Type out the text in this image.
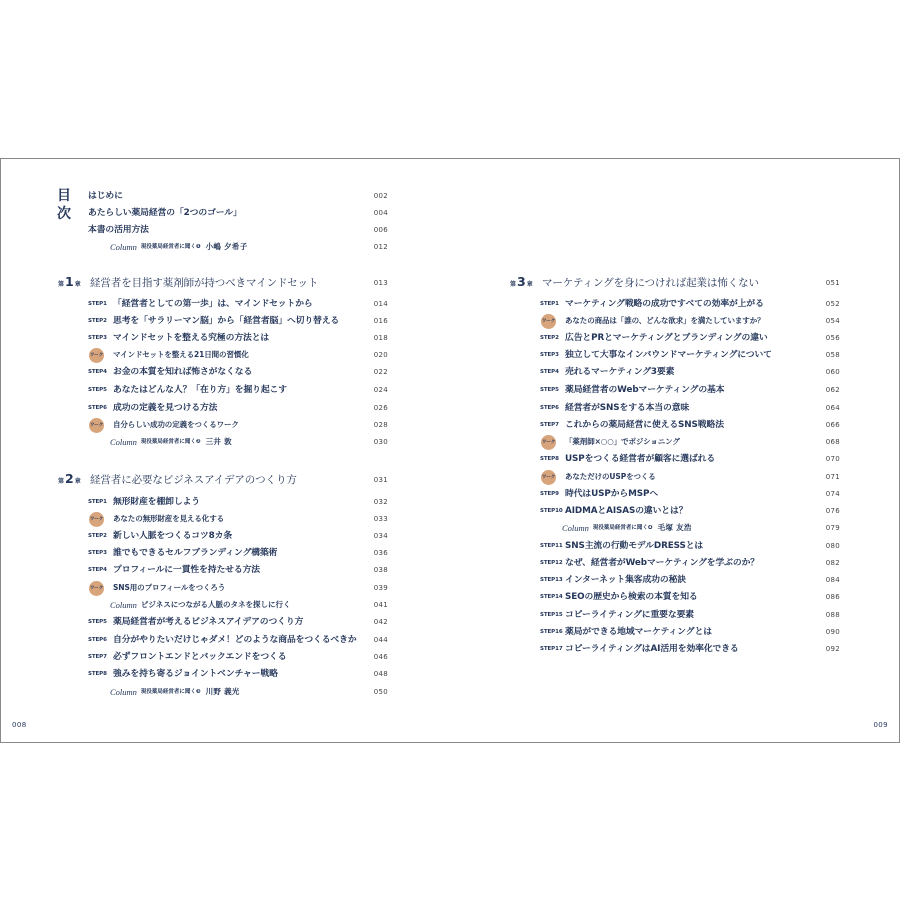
目
次
はじめに	002
あたらしい薬局経営の「2つのゴール」	004
本書の活用方法	006
Column 現役薬局経営者に聞く❶ 小嶋 夕希子	012
第 1 章 経営者を目指す薬剤師が持つべきマインドセット	013
STEP1 「経営者としての第一歩」は、マインドセットから	014
STEP2 思考を「サラリーマン脳」から「経営者脳」へ切り替える	016
STEP3 マインドセットを整える究極の方法とは	018
ワーク マインドセットを整える21日間の習慣化	020
STEP4 お金の本質を知れば怖さがなくなる	022
STEP5 あなたはどんな人？「在り方」を掘り起こす	024
STEP6 成功の定義を見つける方法	026
ワーク 自分らしい成功の定義をつくるワーク	028
Column 現役薬局経営者に聞く❷ 三井 敦	030
第 2 章 経営者に必要なビジネスアイデアのつくり方	031
STEP1 無形財産を棚卸しよう	032
ワーク あなたの無形財産を見える化する	033
STEP2 新しい人脈をつくるコツ8カ条	034
STEP3 誰でもできるセルフブランディング構築術	036
STEP4 プロフィールに一貫性を持たせる方法	038
ワーク SNS用のプロフィールをつくろう	039
Column ビジネスにつながる人脈のタネを探しに行く	041
STEP5 薬局経営者が考えるビジネスアイデアのつくり方	042
STEP6 自分がやりたいだけじゃダメ！どのような商品をつくるべきか	044
STEP7 必ずフロントエンドとバックエンドをつくる	046
STEP8 強みを持ち寄るジョイントベンチャー戦略	048
Column 現役薬局経営者に聞く❸ 川野 義光	050
第 3 章 マーケティングを身につければ起業は怖くない	051
STEP1 マーケティング戦略の成功ですべての効率が上がる	052
ワーク あなたの商品は「誰の、どんな欲求」を満たしていますか？	054
STEP2 広告とPRとマーケティングとブランディングの違い	056
STEP3 独立して大事なインバウンドマーケティングについて	058
STEP4 売れるマーケティング3要素	060
STEP5 薬局経営者のWebマーケティングの基本	062
STEP6 経営者がSNSをする本当の意味	064
STEP7 これからの薬局経営に使えるSNS戦略法	066
ワーク 「薬剤師×○○」でポジショニング	068
STEP8 USPをつくる経営者が顧客に選ばれる	070
ワーク あなただけのUSPをつくる	071
STEP9 時代はUSPからMSPへ	074
STEP10 AIDMAとAISASの違いとは？	076
Column 現役薬局経営者に聞く❹ 毛塚 友浩	079
STEP11 SNS主流の行動モデルDRESSとは	080
STEP12 なぜ、経営者がWebマーケティングを学ぶのか？	082
STEP13 インターネット集客成功の秘訣	084
STEP14 SEOの歴史から検索の本質を知る	086
STEP15 コピーライティングに重要な要素	088
STEP16 薬局ができる地域マーケティングとは	090
STEP17 コピーライティングはAI活用を効率化できる	092
008	009
